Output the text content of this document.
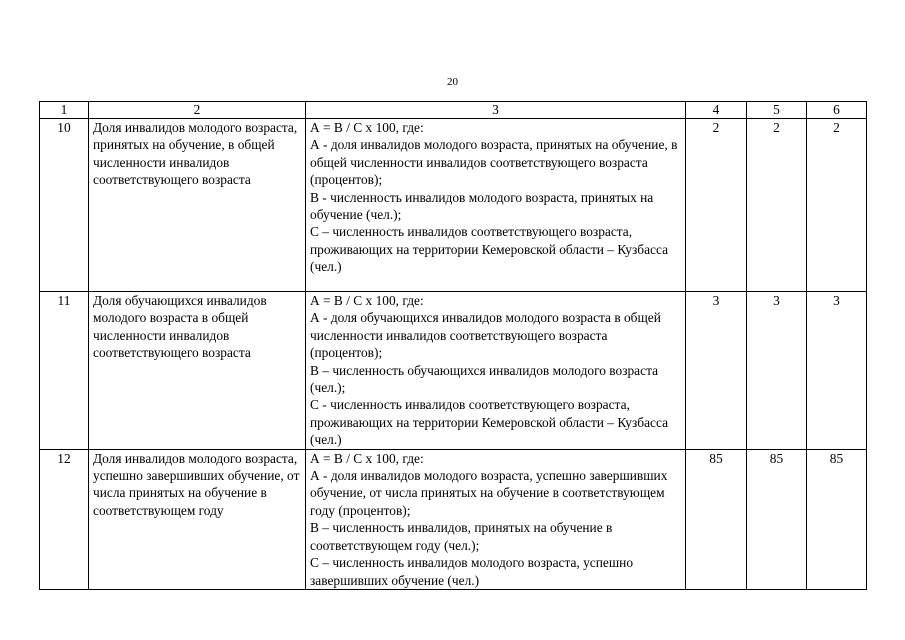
20
1	2	3	4	5	6
10	Доля инвалидов молодого возраста, принятых на обучение, в общей численности инвалидов соответствующего возраста	А = В / С х 100, где:
А - доля инвалидов молодого возраста, принятых на обучение, в общей численности инвалидов соответствующего возраста (процентов);
В - численность инвалидов молодого возраста, принятых на обучение (чел.);
С – численность инвалидов соответствующего возраста, проживающих на территории Кемеровской области – Кузбасса (чел.)	2	2	2
11	Доля обучающихся инвалидов молодого возраста в общей численности инвалидов соответствующего возраста	А = В / С х 100, где:
А - доля обучающихся инвалидов молодого возраста в общей численности инвалидов соответствующего возраста (процентов);
В – численность обучающихся инвалидов молодого возраста (чел.);
С - численность инвалидов соответствующего возраста, проживающих на территории Кемеровской области – Кузбасса (чел.)	3	3	3
12	Доля инвалидов молодого возраста, успешно завершивших обучение, от числа принятых на обучение в соответствующем году	А = В / С х 100, где:
А - доля инвалидов молодого возраста, успешно завершивших обучение, от числа принятых на обучение в соответствующем году (процентов);
В – численность инвалидов, принятых на обучение в соответствующем году (чел.);
С – численность инвалидов молодого возраста, успешно завершивших обучение (чел.)	85	85	85
